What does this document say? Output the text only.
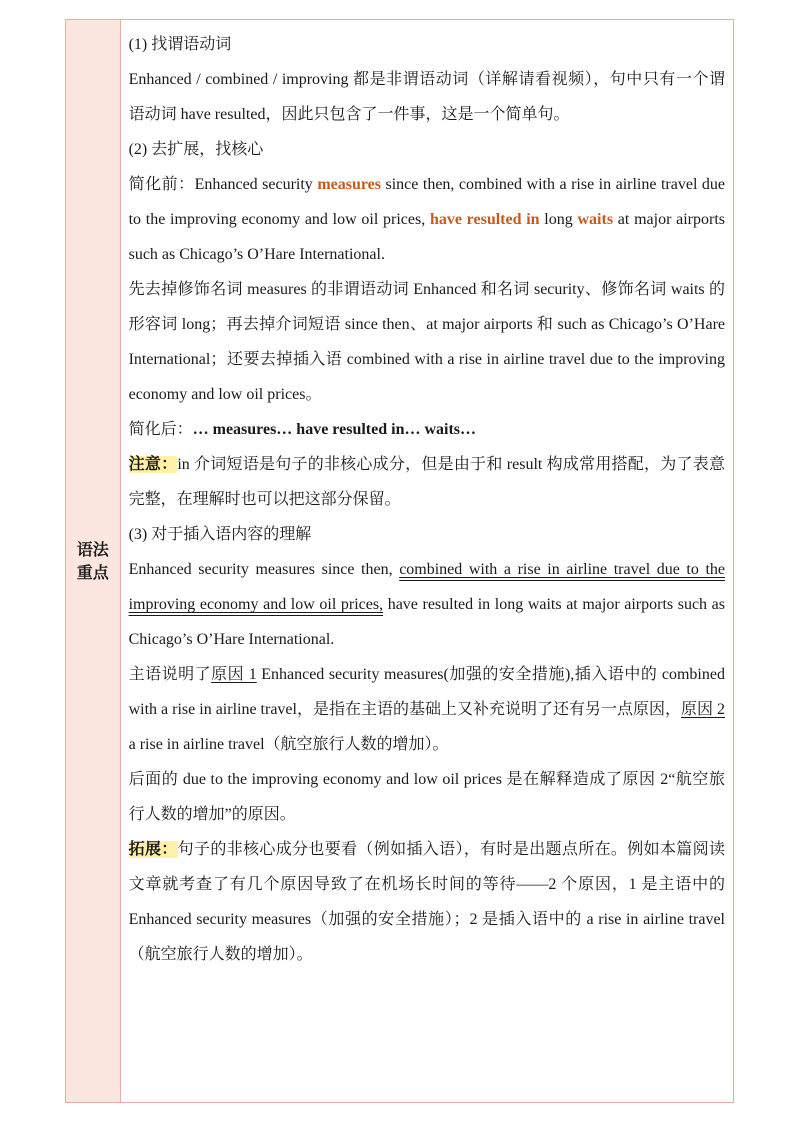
语法
重点
(1) 找谓语动词
Enhanced / combined / improving 都是非谓语动词（详解请看视频），句中只有一个谓
语动词 have resulted，因此只包含了一件事，这是一个简单句。
(2) 去扩展，找核心
简化前：Enhanced security measures since then, combined with a rise in airline travel due
to the improving economy and low oil prices, have resulted in long waits at major airports
such as Chicago’s O’Hare International.
先去掉修饰名词 measures 的非谓语动词 Enhanced 和名词 security、修饰名词 waits 的
形容词 long；再去掉介词短语 since then、at major airports 和 such as Chicago’s O’Hare
International；还要去掉插入语 combined with a rise in airline travel due to the improving
economy and low oil prices。
简化后：… measures… have resulted in… waits…
注意：in 介词短语是句子的非核心成分，但是由于和 result 构成常用搭配，为了表意
完整，在理解时也可以把这部分保留。
(3) 对于插入语内容的理解
Enhanced security measures since then, combined with a rise in airline travel due to the
improving economy and low oil prices, have resulted in long waits at major airports such as
Chicago’s O’Hare International.
主语说明了原因 1 Enhanced security measures(加强的安全措施),插入语中的 combined
with a rise in airline travel，是指在主语的基础上又补充说明了还有另一点原因，原因 2
a rise in airline travel（航空旅行人数的增加）。
后面的 due to the improving economy and low oil prices 是在解释造成了原因 2“航空旅
行人数的增加”的原因。
拓展：句子的非核心成分也要看（例如插入语），有时是出题点所在。例如本篇阅读
文章就考查了有几个原因导致了在机场长时间的等待——2 个原因，1 是主语中的
Enhanced security measures（加强的安全措施）；2 是插入语中的 a rise in airline travel
（航空旅行人数的增加）。
